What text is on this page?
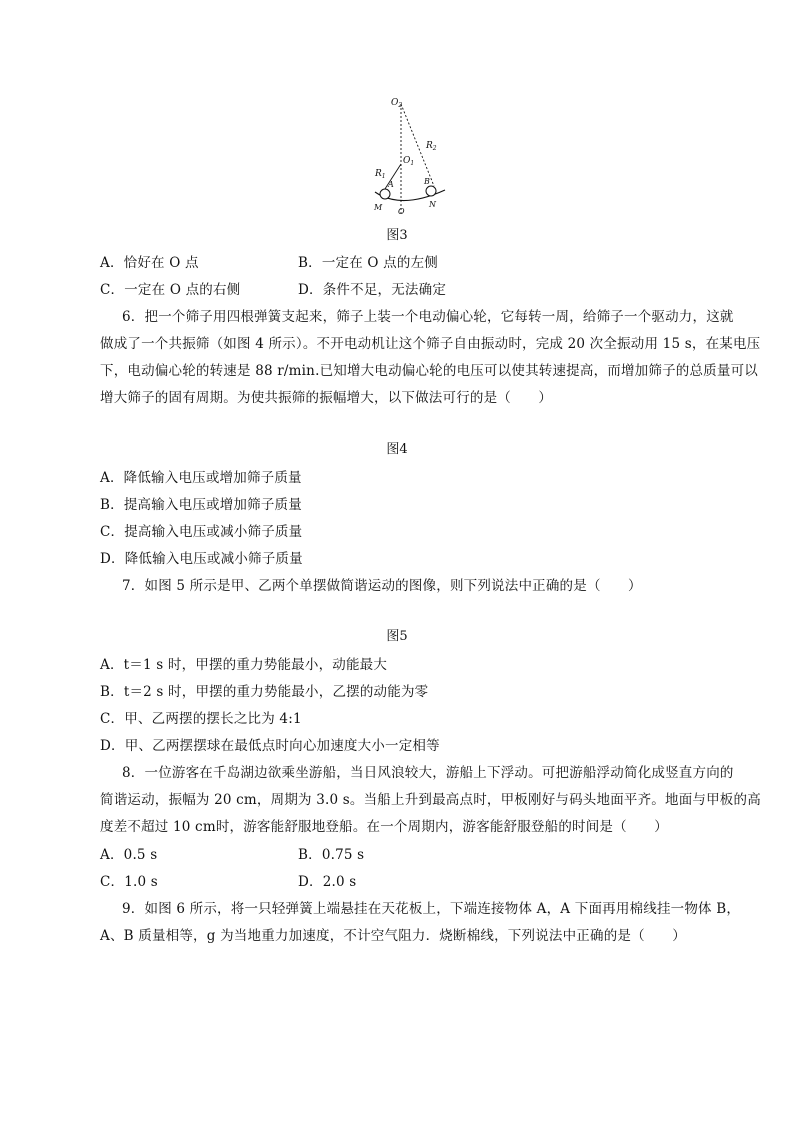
$O_2$
$O_1$
$R_1$
$R_2$
A	B
M O
N
图3
A．恰好在 O 点	B．一定在 O 点的左侧
C．一定在 O 点的右侧	D．条件不足，无法确定
6．把一个筛子用四根弹簧支起来，筛子上装一个电动偏心轮，它每转一周，给筛子一个驱动力，这就
做成了一个共振筛（如图 4 所示）。不开电动机让这个筛子自由振动时，完成 20 次全振动用 15 s，在某电压
下，电动偏心轮的转速是 88 r/min.已知增大电动偏心轮的电压可以使其转速提高，而增加筛子的总质量可以
增大筛子的固有周期。为使共振筛的振幅增大，以下做法可行的是（　　）
图4
A．降低输入电压或增加筛子质量
B．提高输入电压或增加筛子质量
C．提高输入电压或减小筛子质量
D．降低输入电压或减小筛子质量
7．如图 5 所示是甲、乙两个单摆做简谐运动的图像，则下列说法中正确的是（　　）
图5
A．t＝1 s 时，甲摆的重力势能最小，动能最大
B．t＝2 s 时，甲摆的重力势能最小，乙摆的动能为零
C．甲、乙两摆的摆长之比为 4:1
D．甲、乙两摆摆球在最低点时向心加速度大小一定相等
8．一位游客在千岛湖边欲乘坐游船，当日风浪较大，游船上下浮动。可把游船浮动简化成竖直方向的
简谐运动，振幅为 20 cm，周期为 3.0 s。当船上升到最高点时，甲板刚好与码头地面平齐。地面与甲板的高
度差不超过 10 cm时，游客能舒服地登船。在一个周期内，游客能舒服登船的时间是（　　）
A．0.5 s	B．0.75 s
C．1.0 s	D．2.0 s
9．如图 6 所示，将一只轻弹簧上端悬挂在天花板上，下端连接物体 A，A 下面再用棉线挂一物体 B，
A、B 质量相等，g 为当地重力加速度，不计空气阻力．烧断棉线，下列说法中正确的是（　　）
